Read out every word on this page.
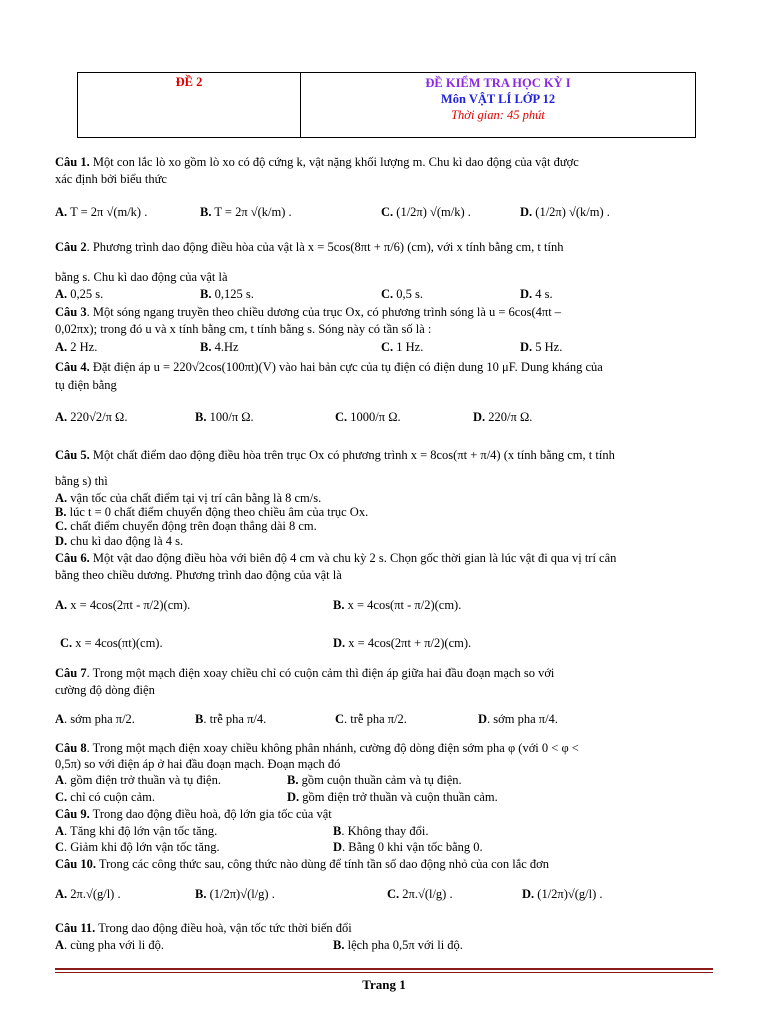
ĐỀ 2	ĐỀ KIỂM TRA HỌC KỲ I
Môn VẬT LÍ LỚP 12
Thời gian: 45 phút
Câu 1. Một con lắc lò xo gồm lò xo có độ cứng k, vật nặng khối lượng m. Chu kì dao động của vật được
xác định bởi biểu thức
A. T = 2π √(m/k) .	B. T = 2π √(k/m) .	C. (1/2π) √(m/k) .	D. (1/2π) √(k/m) .
Câu 2. Phương trình dao động điều hòa của vật là x = 5cos(8πt + π/6) (cm), với x tính bằng cm, t tính
bằng s. Chu kì dao động của vật là
A. 0,25 s.	B. 0,125 s.	C. 0,5 s.	D. 4 s.
Câu 3. Một sóng ngang truyền theo chiều dương của trục Ox, có phương trình sóng là u = 6cos(4πt –
0,02πx); trong đó u và x tính bằng cm, t tính bằng s. Sóng này có tần số là :
A. 2 Hz.	B. 4.Hz	C. 1 Hz.	D. 5 Hz.
Câu 4. Đặt điện áp u = 220√2cos(100πt)(V) vào hai bản cực của tụ điện có điện dung 10 μF. Dung kháng của
tụ điện bằng
A. 220√2/π Ω.	B. 100/π Ω.	C. 1000/π Ω.	D. 220/π Ω.
Câu 5. Một chất điểm dao động điều hòa trên trục Ox có phương trình x = 8cos(πt + π/4) (x tính bằng cm, t tính
bằng s) thì
A. vận tốc của chất điểm tại vị trí cân bằng là 8 cm/s.
B. lúc t = 0 chất điểm chuyển động theo chiều âm của trục Ox.
C. chất điểm chuyển động trên đoạn thẳng dài 8 cm.
D. chu kì dao động là 4 s.
Câu 6. Một vật dao động điều hòa với biên độ 4 cm và chu kỳ 2 s. Chọn gốc thời gian là lúc vật đi qua vị trí cân
bằng theo chiều dương. Phương trình dao động của vật là
A. x = 4cos(2πt - π/2)(cm).	B. x = 4cos(πt - π/2)(cm).
C. x = 4cos(πt)(cm).	D. x = 4cos(2πt + π/2)(cm).
Câu 7. Trong một mạch điện xoay chiều chỉ có cuộn cảm thì điện áp giữa hai đầu đoạn mạch so với
cường độ dòng điện
A. sớm pha π/2.	B. trễ pha π/4.	C. trễ pha π/2.	D. sớm pha π/4.
Câu 8. Trong một mạch điện xoay chiều không phân nhánh, cường độ dòng điện sớm pha φ (với 0 < φ <
0,5π) so với điện áp ở hai đầu đoạn mạch. Đoạn mạch đó
A. gồm điện trở thuần và tụ điện.	B. gồm cuộn thuần cảm và tụ điện.
C. chỉ có cuộn cảm.	D. gồm điện trở thuần và cuộn thuần cảm.
Câu 9. Trong dao động điều hoà, độ lớn gia tốc của vật
A. Tăng khi độ lớn vận tốc tăng.	B. Không thay đổi.
C. Giảm khi độ lớn vận tốc tăng.	D. Bằng 0 khi vận tốc bằng 0.
Câu 10. Trong các công thức sau, công thức nào dùng để tính tần số dao động nhỏ của con lắc đơn
A. 2π.√(g/l) .	B. (1/2π)√(l/g) .	C. 2π.√(l/g) .	D. (1/2π)√(g/l) .
Câu 11. Trong dao động điều hoà, vận tốc tức thời biến đổi
A. cùng pha với li độ.	B. lệch pha 0,5π với li độ.
Trang 1
